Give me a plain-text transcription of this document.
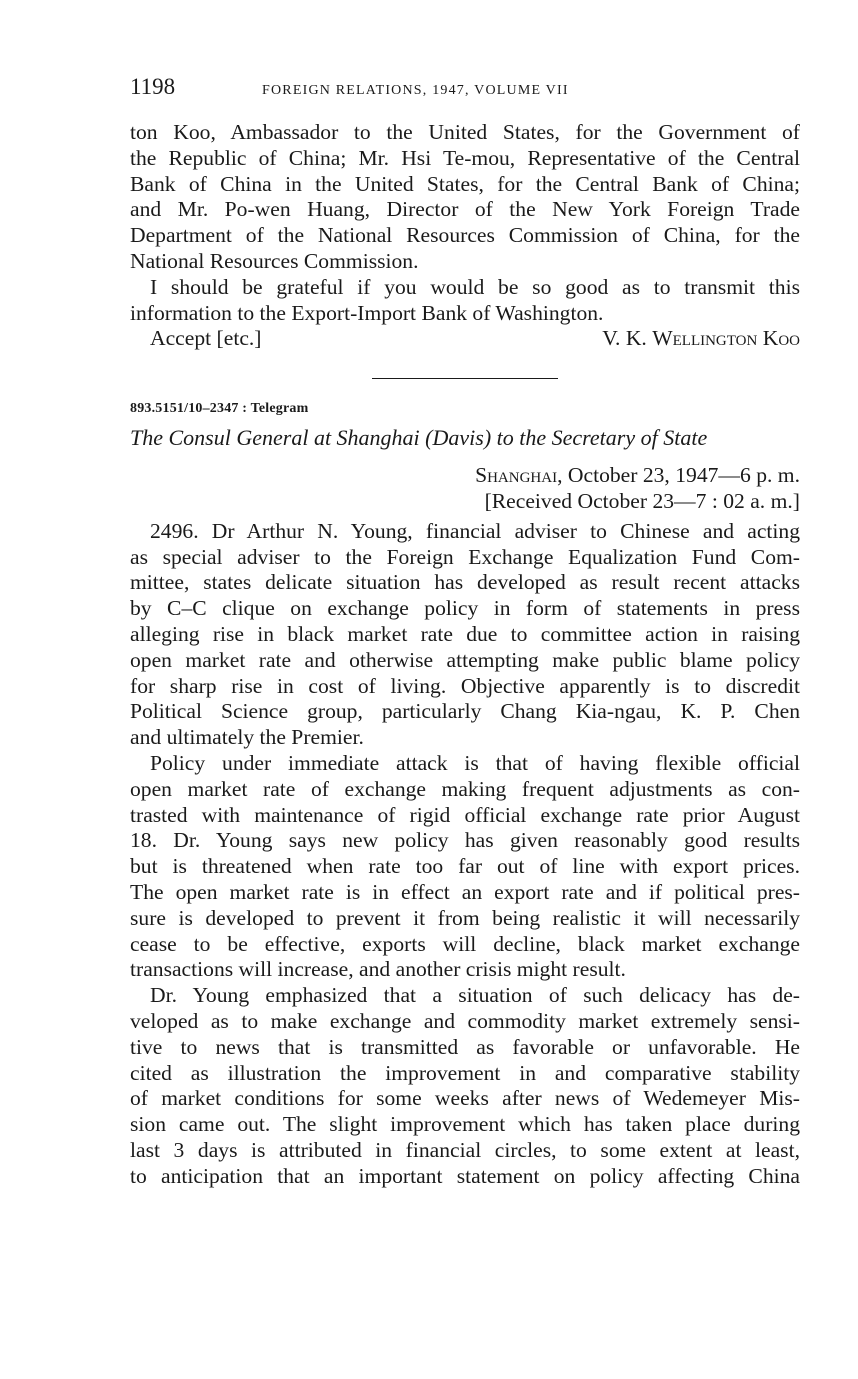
1198	FOREIGN RELATIONS, 1947, VOLUME VII
ton Koo, Ambassador to the United States, for the Government of
the Republic of China; Mr. Hsi Te-mou, Representative of the Central
Bank of China in the United States, for the Central Bank of China;
and Mr. Po-wen Huang, Director of the New York Foreign Trade
Department of the National Resources Commission of China, for the
National Resources Commission.
I should be grateful if you would be so good as to transmit this
information to the Export-Import Bank of Washington.
Accept [etc.]	V. K. Wellington Koo
893.5151/10–2347 : Telegram
The Consul General at Shanghai (Davis) to the Secretary of State
Shanghai, October 23, 1947—6 p. m.
[Received October 23—7 : 02 a. m.]
2496. Dr Arthur N. Young, financial adviser to Chinese and acting
as special adviser to the Foreign Exchange Equalization Fund Com-
mittee, states delicate situation has developed as result recent attacks
by C–C clique on exchange policy in form of statements in press
alleging rise in black market rate due to committee action in raising
open market rate and otherwise attempting make public blame policy
for sharp rise in cost of living. Objective apparently is to discredit
Political Science group, particularly Chang Kia-ngau, K. P. Chen
and ultimately the Premier.
Policy under immediate attack is that of having flexible official
open market rate of exchange making frequent adjustments as con-
trasted with maintenance of rigid official exchange rate prior August
18. Dr. Young says new policy has given reasonably good results
but is threatened when rate too far out of line with export prices.
The open market rate is in effect an export rate and if political pres-
sure is developed to prevent it from being realistic it will necessarily
cease to be effective, exports will decline, black market exchange
transactions will increase, and another crisis might result.
Dr. Young emphasized that a situation of such delicacy has de-
veloped as to make exchange and commodity market extremely sensi-
tive to news that is transmitted as favorable or unfavorable. He
cited as illustration the improvement in and comparative stability
of market conditions for some weeks after news of Wedemeyer Mis-
sion came out. The slight improvement which has taken place during
last 3 days is attributed in financial circles, to some extent at least,
to anticipation that an important statement on policy affecting China
